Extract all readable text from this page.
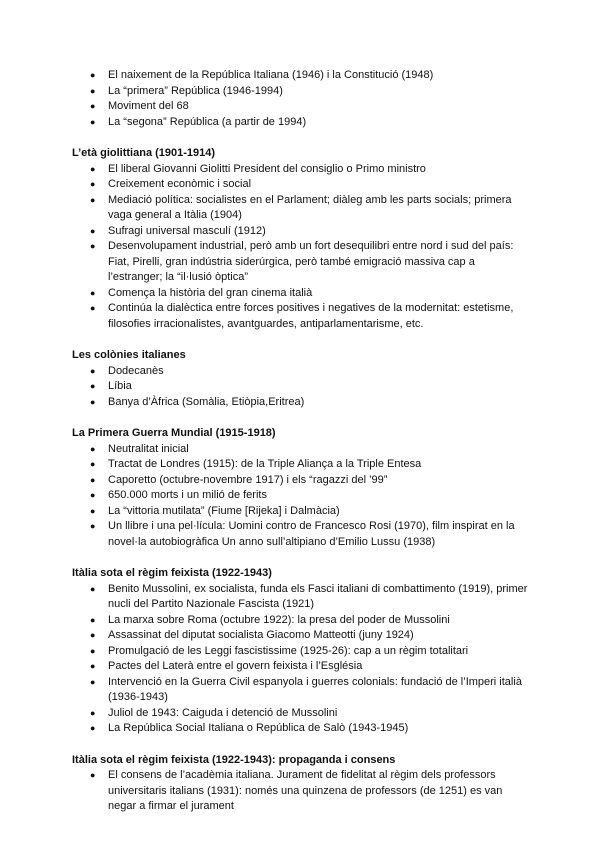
● El naixement de la República Italiana (1946) i la Constitució (1948)
● La “primera” República (1946-1994)
● Moviment del 68
● La “segona” República (a partir de 1994)
L’età giolittiana (1901-1914)
● El liberal Giovanni Giolitti President del consiglio o Primo ministro
● Creixement econòmic i social
● Mediació política: socialistes en el Parlament; diàleg amb les parts socials; primera vaga general a Itàlia (1904)
● Sufragi universal masculí (1912)
● Desenvolupament industrial, però amb un fort desequilibri entre nord i sud del país: Fiat, Pirelli, gran indústria siderúrgica, però també emigració massiva cap a l’estranger; la “il·lusió òptica”
● Comença la història del gran cinema italià
● Continúa la dialèctica entre forces positives i negatives de la modernitat: estetisme, filosofies irracionalistes, avantguardes, antiparlamentarisme, etc.
Les colònies italianes
● Dodecanès
● Líbia
● Banya d’Àfrica (Somàlia, Etiòpia,Eritrea)
La Primera Guerra Mundial (1915-1918)
● Neutralitat inicial
● Tractat de Londres (1915): de la Triple Aliança a la Triple Entesa
● Caporetto (octubre-novembre 1917) i els “ragazzi del ’99”
● 650.000 morts i un milió de ferits
● La “vittoria mutilata” (Fiume [Rijeka] i Dalmàcia)
● Un llibre i una pel·lícula: Uomini contro de Francesco Rosi (1970), film inspirat en la novel·la autobiogràfica Un anno sull’altipiano d’Emilio Lussu (1938)
Itàlia sota el règim feixista (1922-1943)
● Benito Mussolini, ex socialista, funda els Fasci italiani di combattimento (1919), primer nucli del Partito Nazionale Fascista (1921)
● La marxa sobre Roma (octubre 1922): la presa del poder de Mussolini
● Assassinat del diputat socialista Giacomo Matteotti (juny 1924)
● Promulgació de les Leggi fascistissime (1925-26): cap a un règim totalitari
● Pactes del Laterà entre el govern feixista i l’Església
● Intervenció en la Guerra Civil espanyola i guerres colonials: fundació de l’Imperi italià (1936-1943)
● Juliol de 1943: Caiguda i detenció de Mussolini
● La República Social Italiana o República de Salò (1943-1945)
Itàlia sota el règim feixista (1922-1943): propaganda i consens
● El consens de l’acadèmia italiana. Jurament de fidelitat al règim dels professors universitaris italians (1931): només una quinzena de professors (de 1251) es van negar a firmar el jurament
